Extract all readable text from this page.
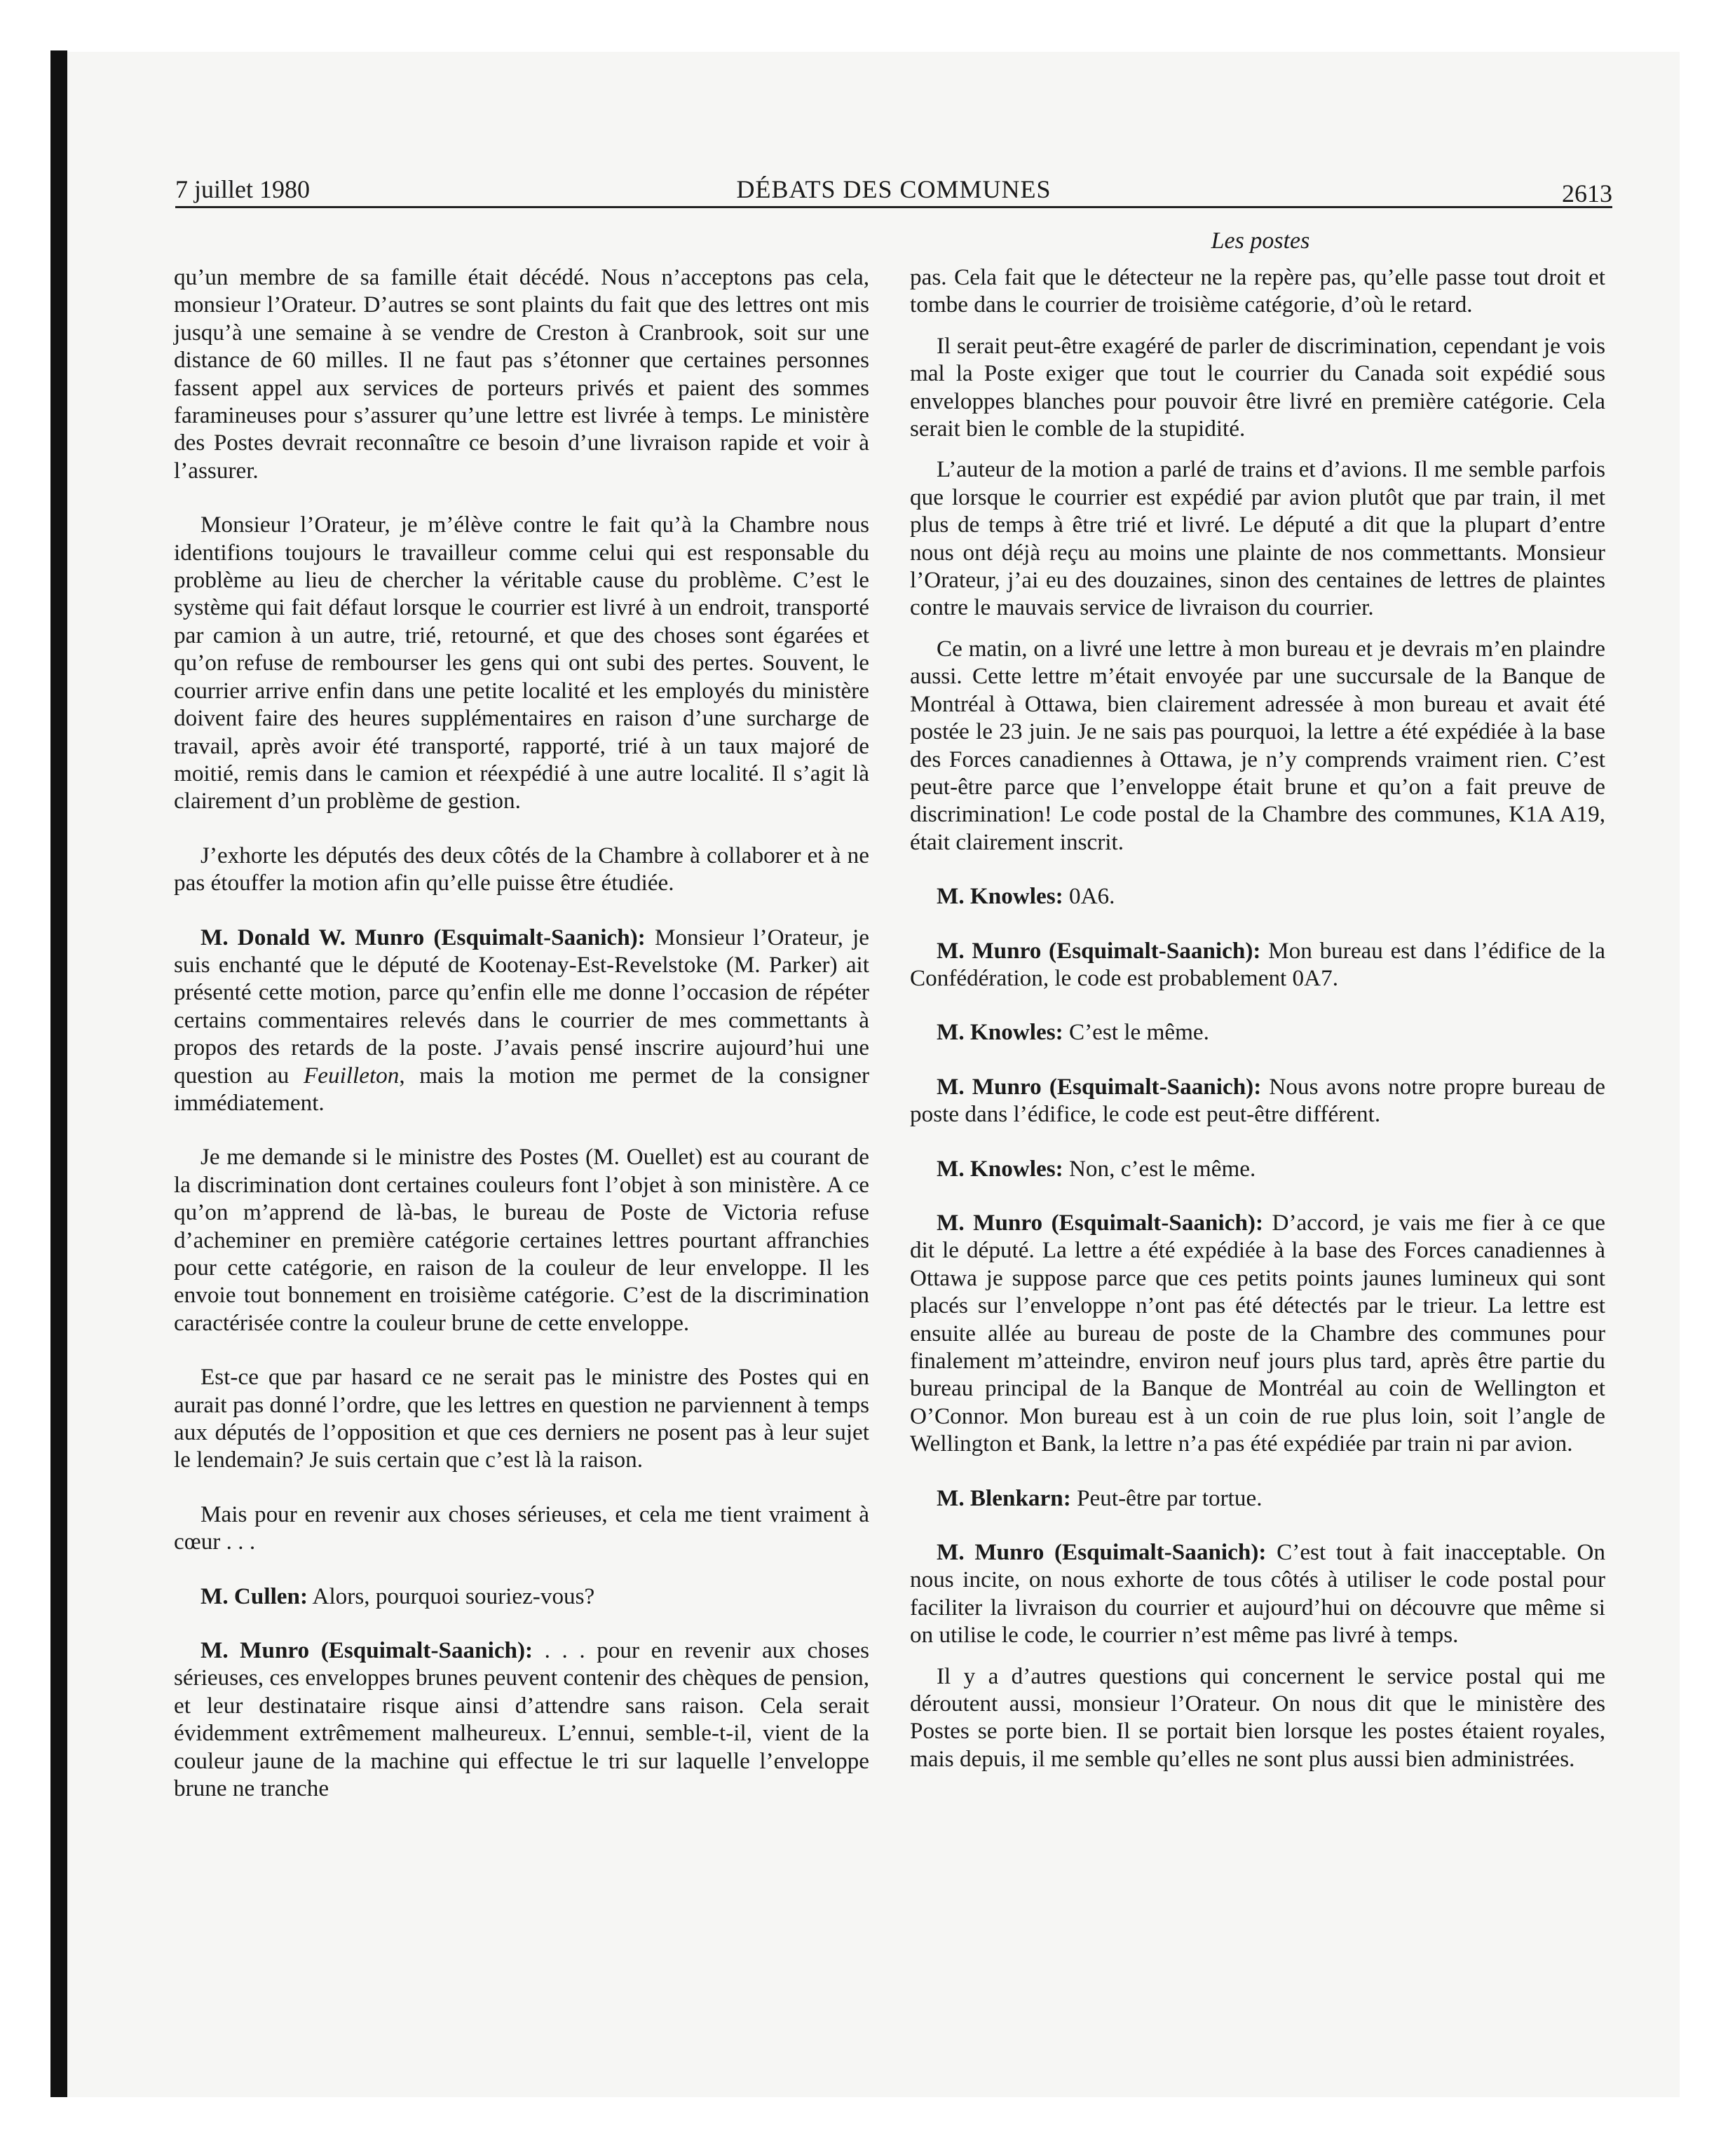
7 juillet 1980	DÉBATS DES COMMUNES	2613
Les postes

qu’un membre de sa famille était décédé. Nous n’acceptons pas cela, monsieur l’Orateur. D’autres se sont plaints du fait que des lettres ont mis jusqu’à une semaine à se vendre de Creston à Cranbrook, soit sur une distance de 60 milles. Il ne faut pas s’étonner que certaines personnes fassent appel aux services de porteurs privés et paient des sommes faramineuses pour s’assurer qu’une lettre est livrée à temps. Le ministère des Postes devrait reconnaître ce besoin d’une livraison rapide et voir à l’assurer.

Monsieur l’Orateur, je m’élève contre le fait qu’à la Chambre nous identifions toujours le travailleur comme celui qui est responsable du problème au lieu de chercher la véritable cause du problème. C’est le système qui fait défaut lorsque le courrier est livré à un endroit, transporté par camion à un autre, trié, retourné, et que des choses sont égarées et qu’on refuse de rembourser les gens qui ont subi des pertes. Souvent, le courrier arrive enfin dans une petite localité et les employés du ministère doivent faire des heures supplémentaires en raison d’une surcharge de travail, après avoir été transporté, rapporté, trié à un taux majoré de moitié, remis dans le camion et réexpédié à une autre localité. Il s’agit là clairement d’un problème de gestion.

J’exhorte les députés des deux côtés de la Chambre à collaborer et à ne pas étouffer la motion afin qu’elle puisse être étudiée.

M. Donald W. Munro (Esquimalt-Saanich): Monsieur l’Orateur, je suis enchanté que le député de Kootenay-Est-Revelstoke (M. Parker) ait présenté cette motion, parce qu’enfin elle me donne l’occasion de répéter certains commentaires relevés dans le courrier de mes commettants à propos des retards de la poste. J’avais pensé inscrire aujourd’hui une question au Feuilleton, mais la motion me permet de la consigner immédiatement.

Je me demande si le ministre des Postes (M. Ouellet) est au courant de la discrimination dont certaines couleurs font l’objet à son ministère. A ce qu’on m’apprend de là-bas, le bureau de Poste de Victoria refuse d’acheminer en première catégorie certaines lettres pourtant affranchies pour cette catégorie, en raison de la couleur de leur enveloppe. Il les envoie tout bonnement en troisième catégorie. C’est de la discrimination caractérisée contre la couleur brune de cette enveloppe.

Est-ce que par hasard ce ne serait pas le ministre des Postes qui en aurait pas donné l’ordre, que les lettres en question ne parviennent à temps aux députés de l’opposition et que ces derniers ne posent pas à leur sujet le lendemain? Je suis certain que c’est là la raison.

Mais pour en revenir aux choses sérieuses, et cela me tient vraiment à cœur . . .

M. Cullen: Alors, pourquoi souriez-vous?

M. Munro (Esquimalt-Saanich): . . . pour en revenir aux choses sérieuses, ces enveloppes brunes peuvent contenir des chèques de pension, et leur destinataire risque ainsi d’attendre sans raison. Cela serait évidemment extrêmement malheureux. L’ennui, semble-t-il, vient de la couleur jaune de la machine qui effectue le tri sur laquelle l’enveloppe brune ne tranche

pas. Cela fait que le détecteur ne la repère pas, qu’elle passe tout droit et tombe dans le courrier de troisième catégorie, d’où le retard.

Il serait peut-être exagéré de parler de discrimination, cependant je vois mal la Poste exiger que tout le courrier du Canada soit expédié sous enveloppes blanches pour pouvoir être livré en première catégorie. Cela serait bien le comble de la stupidité.

L’auteur de la motion a parlé de trains et d’avions. Il me semble parfois que lorsque le courrier est expédié par avion plutôt que par train, il met plus de temps à être trié et livré. Le député a dit que la plupart d’entre nous ont déjà reçu au moins une plainte de nos commettants. Monsieur l’Orateur, j’ai eu des douzaines, sinon des centaines de lettres de plaintes contre le mauvais service de livraison du courrier.

Ce matin, on a livré une lettre à mon bureau et je devrais m’en plaindre aussi. Cette lettre m’était envoyée par une succursale de la Banque de Montréal à Ottawa, bien clairement adressée à mon bureau et avait été postée le 23 juin. Je ne sais pas pourquoi, la lettre a été expédiée à la base des Forces canadiennes à Ottawa, je n’y comprends vraiment rien. C’est peut-être parce que l’enveloppe était brune et qu’on a fait preuve de discrimination! Le code postal de la Chambre des communes, K1A A19, était clairement inscrit.

M. Knowles: 0A6.

M. Munro (Esquimalt-Saanich): Mon bureau est dans l’édifice de la Confédération, le code est probablement 0A7.

M. Knowles: C’est le même.

M. Munro (Esquimalt-Saanich): Nous avons notre propre bureau de poste dans l’édifice, le code est peut-être différent.

M. Knowles: Non, c’est le même.

M. Munro (Esquimalt-Saanich): D’accord, je vais me fier à ce que dit le député. La lettre a été expédiée à la base des Forces canadiennes à Ottawa je suppose parce que ces petits points jaunes lumineux qui sont placés sur l’enveloppe n’ont pas été détectés par le trieur. La lettre est ensuite allée au bureau de poste de la Chambre des communes pour finalement m’atteindre, environ neuf jours plus tard, après être partie du bureau principal de la Banque de Montréal au coin de Wellington et O’Connor. Mon bureau est à un coin de rue plus loin, soit l’angle de Wellington et Bank, la lettre n’a pas été expédiée par train ni par avion.

M. Blenkarn: Peut-être par tortue.

M. Munro (Esquimalt-Saanich): C’est tout à fait inacceptable. On nous incite, on nous exhorte de tous côtés à utiliser le code postal pour faciliter la livraison du courrier et aujourd’hui on découvre que même si on utilise le code, le courrier n’est même pas livré à temps.

Il y a d’autres questions qui concernent le service postal qui me déroutent aussi, monsieur l’Orateur. On nous dit que le ministère des Postes se porte bien. Il se portait bien lorsque les postes étaient royales, mais depuis, il me semble qu’elles ne sont plus aussi bien administrées.
